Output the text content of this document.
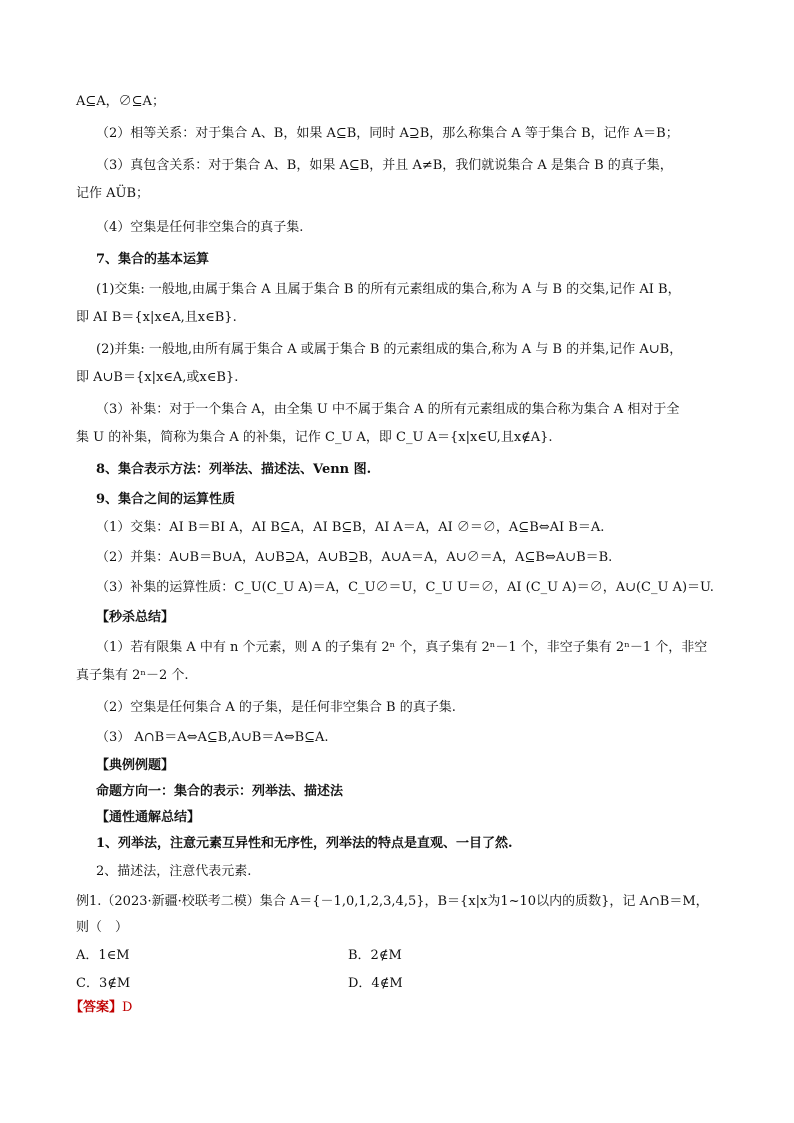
A⊆A，∅⊆A；
（2）相等关系：对于集合 A、B，如果 A⊆B，同时 A⊇B，那么称集合 A 等于集合 B，记作 A＝B；
（3）真包含关系：对于集合 A、B，如果 A⊆B，并且 A≠B，我们就说集合 A 是集合 B 的真子集，
记作 AÜB；
（4）空集是任何非空集合的真子集.
7、集合的基本运算
(1)交集: 一般地,由属于集合 A 且属于集合 B 的所有元素组成的集合,称为 A 与 B 的交集,记作 AI B，
即 AI B＝{x|x∈A,且x∈B}.
(2)并集: 一般地,由所有属于集合 A 或属于集合 B 的元素组成的集合,称为 A 与 B 的并集,记作 A∪B，
即 A∪B＝{x|x∈A,或x∈B}.
（3）补集：对于一个集合 A，由全集 U 中不属于集合 A 的所有元素组成的集合称为集合 A 相对于全
集 U 的补集，简称为集合 A 的补集，记作 C_U A，即 C_U A＝{x|x∈U,且x∉A}.
8、集合表示方法：列举法、描述法、Venn 图.
9、集合之间的运算性质
（1）交集：AI B＝BI A，AI B⊆A，AI B⊆B，AI A＝A，AI ∅＝∅，A⊆B⇔AI B＝A.
（2）并集：A∪B＝B∪A，A∪B⊇A，A∪B⊇B，A∪A＝A，A∪∅＝A，A⊆B⇔A∪B＝B.
（3）补集的运算性质：C_U(C_U A)＝A，C_U∅＝U，C_U U＝∅，AI (C_U A)＝∅，A∪(C_U A)＝U.
【秒杀总结】
（1）若有限集 A 中有 n 个元素，则 A 的子集有 2ⁿ 个，真子集有 2ⁿ－1 个，非空子集有 2ⁿ－1 个，非空
真子集有 2ⁿ－2 个.
（2）空集是任何集合 A 的子集，是任何非空集合 B 的真子集.
（3） A∩B＝A⇔A⊆B,A∪B＝A⇔B⊆A.
【典例例题】
命题方向一：集合的表示：列举法、描述法
【通性通解总结】
1、列举法，注意元素互异性和无序性，列举法的特点是直观、一目了然.
2、描述法，注意代表元素.
例1.（2023·新疆·校联考二模）集合 A＝{－1,0,1,2,3,4,5}，B＝{x|x为1~10以内的质数}，记 A∩B＝M，
则（　）
A．1∈M	B．2∉M
C．3∉M	D．4∉M
【答案】D
